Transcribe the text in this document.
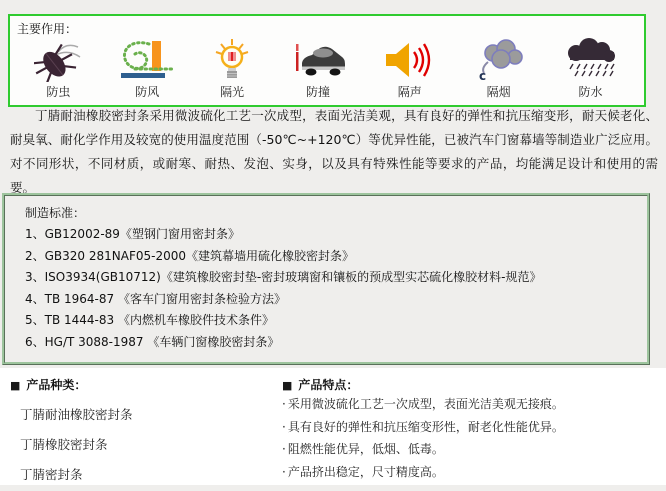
主要作用：
防虫	防风	隔光	防撞	隔声
c
隔烟	防水

丁腈耐油橡胶密封条采用微波硫化工艺一次成型，表面光洁美观，具有良好的弹性和抗压缩变形，耐天候老化、耐臭氧、耐化学作用及较宽的使用温度范围（-50℃~+120℃）等优异性能，已被汽车门窗幕墙等制造业广泛应用。对不同形状，不同材质，或耐寒、耐热、发泡、实身，以及具有特殊性能等要求的产品，均能满足设计和使用的需要。

制造标准：
1、GB12002-89《塑钢门窗用密封条》
2、GB320 281NAF05-2000《建筑幕墙用硫化橡胶密封条》
3、ISO3934(GB10712)《建筑橡胶密封垫-密封玻璃窗和镶板的预成型实芯硫化橡胶材料-规范》
4、TB 1964-87 《客车门窗用密封条检验方法》
5、TB 1444-83 《内燃机车橡胶件技术条件》
6、HG/T 3088-1987 《车辆门窗橡胶密封条》
■ 产品种类：
丁腈耐油橡胶密封条
丁腈橡胶密封条
丁腈密封条
■ 产品特点：
· 采用微波硫化工艺一次成型，表面光洁美观无接痕。
· 具有良好的弹性和抗压缩变形性，耐老化性能优异。
· 阻燃性能优异，低烟、低毒。
· 产品挤出稳定，尺寸精度高。
